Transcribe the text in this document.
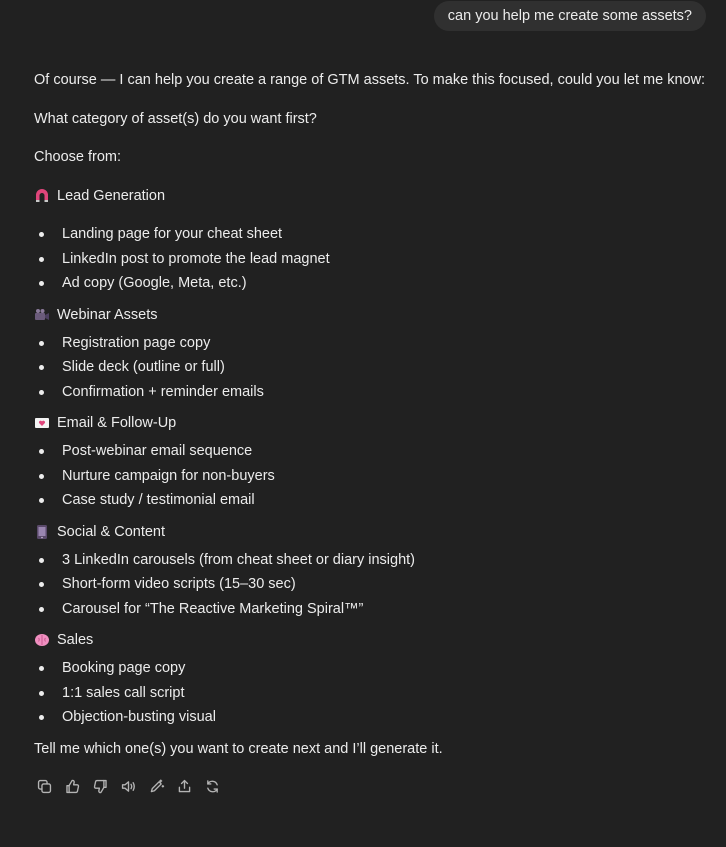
can you help me create some assets?
Of course — I can help you create a range of GTM assets. To make this focused, could you let me know:
What category of asset(s) do you want first?
Choose from:
Lead Generation
Landing page for your cheat sheet
LinkedIn post to promote the lead magnet
Ad copy (Google, Meta, etc.)
Webinar Assets
Registration page copy
Slide deck (outline or full)
Confirmation + reminder emails
Email & Follow-Up
Post-webinar email sequence
Nurture campaign for non-buyers
Case study / testimonial email
Social & Content
3 LinkedIn carousels (from cheat sheet or diary insight)
Short-form video scripts (15–30 sec)
Carousel for “The Reactive Marketing Spiral™”
Sales
Booking page copy
1:1 sales call script
Objection-busting visual
Tell me which one(s) you want to create next and I’ll generate it.
